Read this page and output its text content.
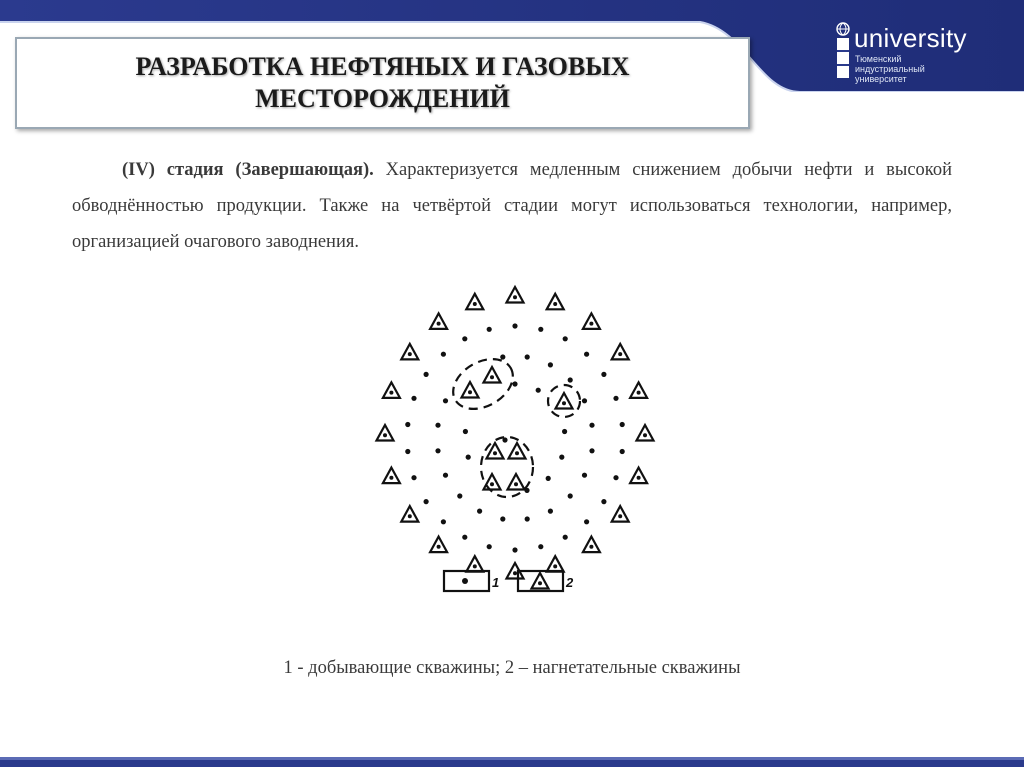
РАЗРАБОТКА НЕФТЯНЫХ И ГАЗОВЫХ
МЕСТОРОЖДЕНИЙ

university
Тюменский
индустриальный
университет

(IV) стадия (Завершающая). Характеризуется медленным снижением добычи нефти и высокой обводнённостью продукции. Также на четвёртой стадии могут использоваться технологии, например, организацией очагового заводнения.

1	2

1 - добывающие скважины; 2 – нагнетательные скважины
